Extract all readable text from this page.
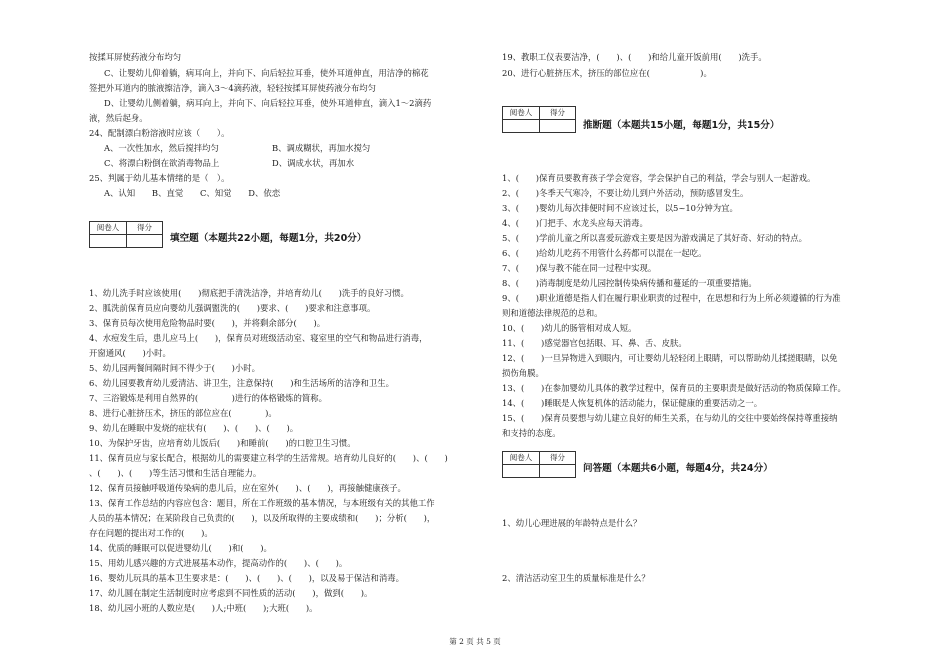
按揉耳屏使药液分布均匀
C、让婴幼儿仰着躺，病耳向上，并向下、向后轻拉耳垂，使外耳道伸直，用洁净的棉花
签把外耳道内的脓液擦洁净，滴入3～4滴药液，轻轻按揉耳屏使药液分布均匀
D、让婴幼儿侧着躺，病耳向上，并向下、向后轻拉耳垂，使外耳道伸直，滴入1～2滴药
液，然后起身。
24、配制漂白粉溶液时应该（　　）。
A、一次性加水，然后搅拌均匀	B、调成糊状，再加水搅匀
C、将漂白粉倒在欲消毒物品上	D、调成水状，再加水
25、判属于幼儿基本情绪的是（　）。
A、认知　　B、直觉　　C、知觉　　D、依恋
1、幼儿洗手时应该使用(　　)彻底把手清洗洁净，并培育幼儿(　　)洗手的良好习惯。
2、胍洗前保育员应向婴幼儿强调盥洗的(　　)要求、(　　)要求和注意事项。
3、保育员每次使用危险物品时要(　　)，并将剩余部分(　　)。
4、水痘发生后，患儿应马上(　　)，保育员对班级活动室、寝室里的空气和物品进行消毒，
开窗通风(　　)小时。
5、幼儿园两餐间隔时间不得少于(　　)小时。
6、幼儿园要教育幼儿爱清洁、讲卫生，注意保持(　　)和生活场所的洁净和卫生。
7、三浴锻炼是利用自然界的(　　　　)进行的体格锻炼的简称。
8、进行心脏挤压术，挤压的部位应在(　　　　)。
9、幼儿在睡眠中发烧的症状有(　　)、(　　)、(　　)。
10、为保护牙齿，应培育幼儿饭后(　　)和睡前(　　)的口腔卫生习惯。
11、保育员应与家长配合，根据幼儿的需要建立科学的生活常规。培育幼儿良好的(　　)、(　　)
、(　　)、(　　)等生活习惯和生活自理能力。
12、保育员接触呼吸道传染病的患儿后，应在室外(　　)、(　　)，再接触健康孩子。
13、保育工作总结的内容应包含：题目，所在工作班级的基本情况，与本班级有关的其他工作
人员的基本情况；在某阶段自己负责的(　　)，以及所取得的主要成绩和(　　)；分析(　　)，
存在问题的提出对工作的(　　)。
14、优质的睡眠可以促进婴幼儿(　　)和(　　)。
15、用幼儿感兴趣的方式进展基本动作，提高动作的(　　)、(　　)。
16、婴幼儿玩具的基本卫生要求是：(　　)、(　　)、(　　)，以及易于保洁和消毒。
17、幼儿圆在制定生活制度时应考虑到不同性质的活动(　　)，做到(　　)。
18、幼儿园小班的人数应是(　　)人;中班(　　);大班(　　)。
19、教职工仪表要洁净，(　　)、(　　)和给儿童开饭前用(　　)洗手。
20、进行心脏挤压术，挤压的部位应在(　　　　　　)。
1、(　　)保育员要教育孩子学会宽容，学会保护自己的利益，学会与别人一起游戏。
2、(　　)冬季天气寒冷，不要让幼儿到户外活动，预防感冒发生。
3、(　　)婴幼儿每次排便时间不应该过长，以5~10分钟为宜。
4、(　　)门把手、水龙头应每天消毒。
5、(　　)学前儿童之所以喜爱玩游戏主要是因为游戏满足了其好奇、好动的特点。
6、(　　)给幼儿吃药不用管什么药都可以混在一起吃。
7、(　　)保与教不能在同一过程中实现。
8、(　　)消毒制度是幼儿园控制传染病传播和蔓延的一项重要措施。
9、(　　)职业道德是指人们在履行职业职责的过程中，在思想和行为上所必须遵循的行为准
则和道德法律规范的总和。
10、(　　)幼儿的肠管相对成人短。
11、(　　)感觉器官包括眼、耳、鼻、舌、皮肤。
12、(　　)一旦异物进入到眼内，可让婴幼儿轻轻闭上眼睛，可以帮助幼儿揉搓眼睛，以免
损伤角膜。
13、(　　)在参加婴幼儿具体的教学过程中，保育员的主要职责是做好活动的物质保障工作。
14、(　　)睡眠是人恢复机体的活动能力，保证健康的重要活动之一。
15、(　　)保育员要想与幼儿建立良好的师生关系，在与幼儿的交往中要始终保持尊重接纳
和支持的态度。
1、幼儿心理进展的年龄特点是什么？
2、清洁活动室卫生的质量标准是什么？
阅卷人	得分
填空题（本题共22小题，每题1分，共20分）
阅卷人	得分
推断题（本题共15小题，每题1分，共15分）
阅卷人	得分
问答题（本题共6小题，每题4分，共24分）
第 2 页 共 5 页
